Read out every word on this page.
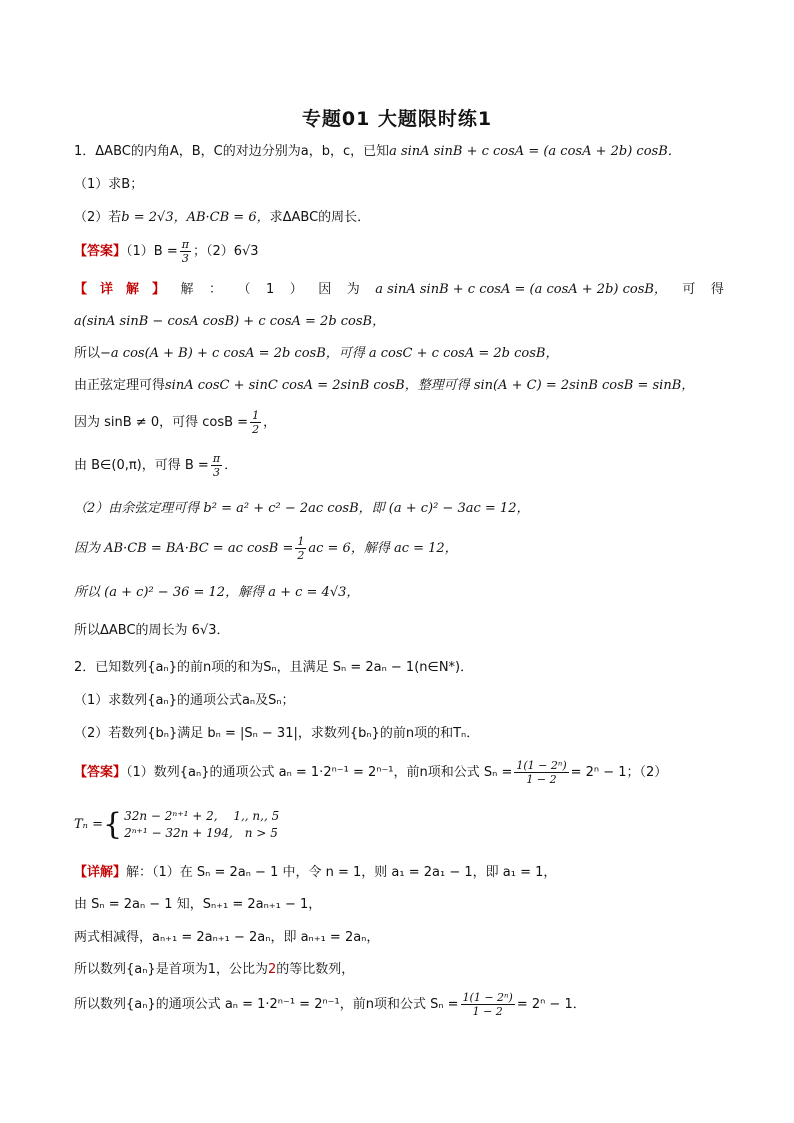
专题01 大题限时练1
1．ΔABC的内角A，B，C的对边分别为a，b，c，已知a sinA sinB + c cosA = (a cosA + 2b) cosB．
（1）求B；
（2）若b = 2√3，AB·CB = 6，求ΔABC的周长．
【答案】$(1)B = \frac{\pi}{3}$ ；（2）6√3
【　详　解　】 解 ： （ 1 ） 因 为 a sinA sinB + c cosA = (a cosA + 2b) cosB， 可 得
a(sinA sinB − cosA cosB) + c cosA = 2b cosB，
所以−a cos(A + B) + c cosA = 2b cosB，可得 a cosC + c cosA = 2b cosB，
由正弦定理可得sinA cosC + sinC cosA = 2sinB cosB，整理可得 sin(A + C) = 2sinB cosB = sinB，
因为 sinB ≠ 0，可得 $\cos B = \frac{1}{2}$ ，
由 B∈(0,π)，可得 $B = \frac{\pi}{3}$ ．
（2）由余弦定理可得 b² = a² + c² − 2ac cosB，即 (a + c)² − 3ac = 12，
因为 AB·CB = BA·BC = ac $\cos B = \frac{1}{2}$ ac = 6，解得 ac = 12，
所以 (a + c)² − 36 = 12，解得 a + c = 4√3，
所以ΔABC的周长为 6√3．
2．已知数列{aₙ}的前n项的和为Sₙ，且满足 Sₙ = 2aₙ − 1(n∈N*)．
（1）求数列{aₙ}的通项公式aₙ及Sₙ；
（2）若数列{bₙ}满足 bₙ = |Sₙ − 31|，求数列{bₙ}的前n项的和Tₙ．
【答案】（1）数列{aₙ}的通项公式 aₙ = 1·2ⁿ⁻¹ = 2ⁿ⁻¹，前n项和公式 $S_n = \frac{\text{1(1 − 2ⁿ)}}{1 - 2} = 2^n - 1$；（2）
Tₙ ={ 32n − 2ⁿ⁺¹ + 2,　 1,, n,, 5
2ⁿ⁺¹ − 32n + 194,　n > 5
【详解】解：（1）在 Sₙ = 2aₙ − 1 中，令 n = 1，则 a₁ = 2a₁ − 1，即 a₁ = 1，
由 Sₙ = 2aₙ − 1 知，Sₙ₊₁ = 2aₙ₊₁ − 1，
两式相减得，aₙ₊₁ = 2aₙ₊₁ − 2aₙ，即 aₙ₊₁ = 2aₙ，
所以数列{aₙ}是首项为1，公比为2的等比数列，
所以数列{aₙ}的通项公式 aₙ = 1·2ⁿ⁻¹ = 2ⁿ⁻¹，前n项和公式 $S_n = \frac{\text{1(1 − 2ⁿ)}}{1 - 2} = 2^n - 1$．
